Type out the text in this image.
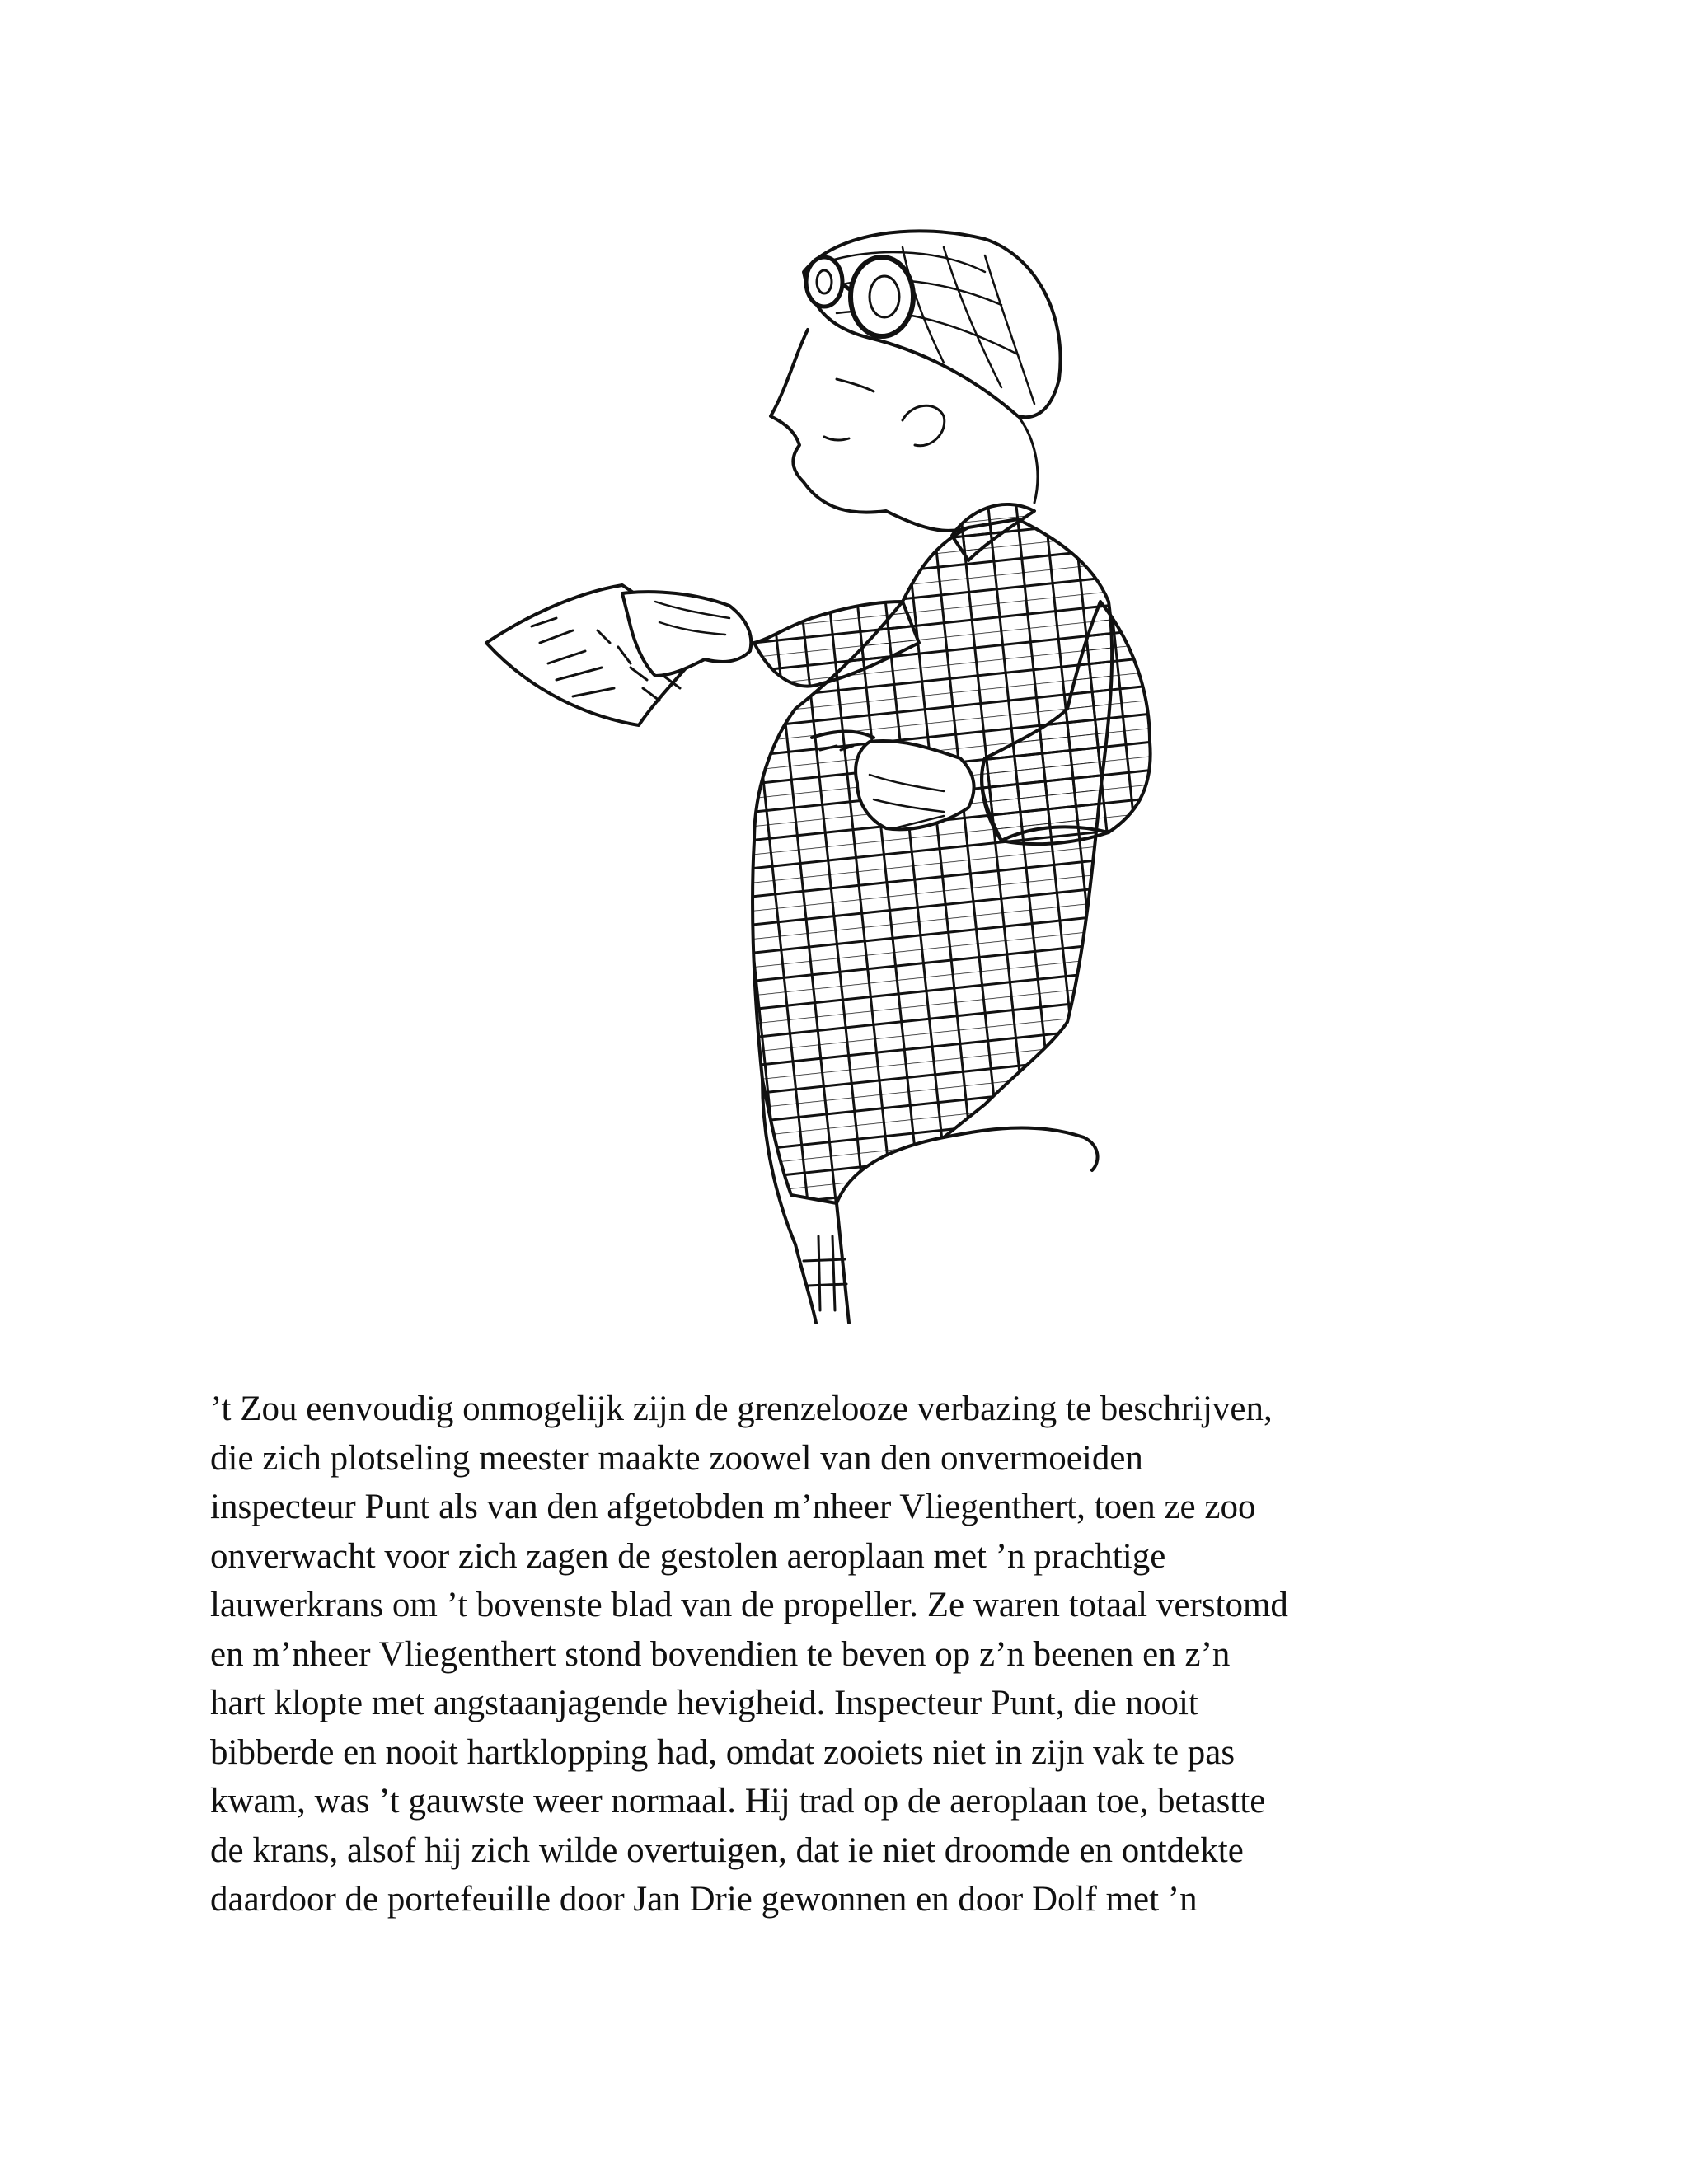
’t Zou eenvoudig onmogelijk zijn de grenzelooze verbazing te beschrijven,
die zich plotseling meester maakte zoowel van den onvermoeiden
inspecteur Punt als van den afgetobden m’nheer Vliegenthert, toen ze zoo
onverwacht voor zich zagen de gestolen aeroplaan met ’n prachtige
lauwerkrans om ’t bovenste blad van de propeller. Ze waren totaal verstomd
en m’nheer Vliegenthert stond bovendien te beven op z’n beenen en z’n
hart klopte met angstaanjagende hevigheid. Inspecteur Punt, die nooit
bibberde en nooit hartklopping had, omdat zooiets niet in zijn vak te pas
kwam, was ’t gauwste weer normaal. Hij trad op de aeroplaan toe, betastte
de krans, alsof hij zich wilde overtuigen, dat ie niet droomde en ontdekte
daardoor de portefeuille door Jan Drie gewonnen en door Dolf met ’n
